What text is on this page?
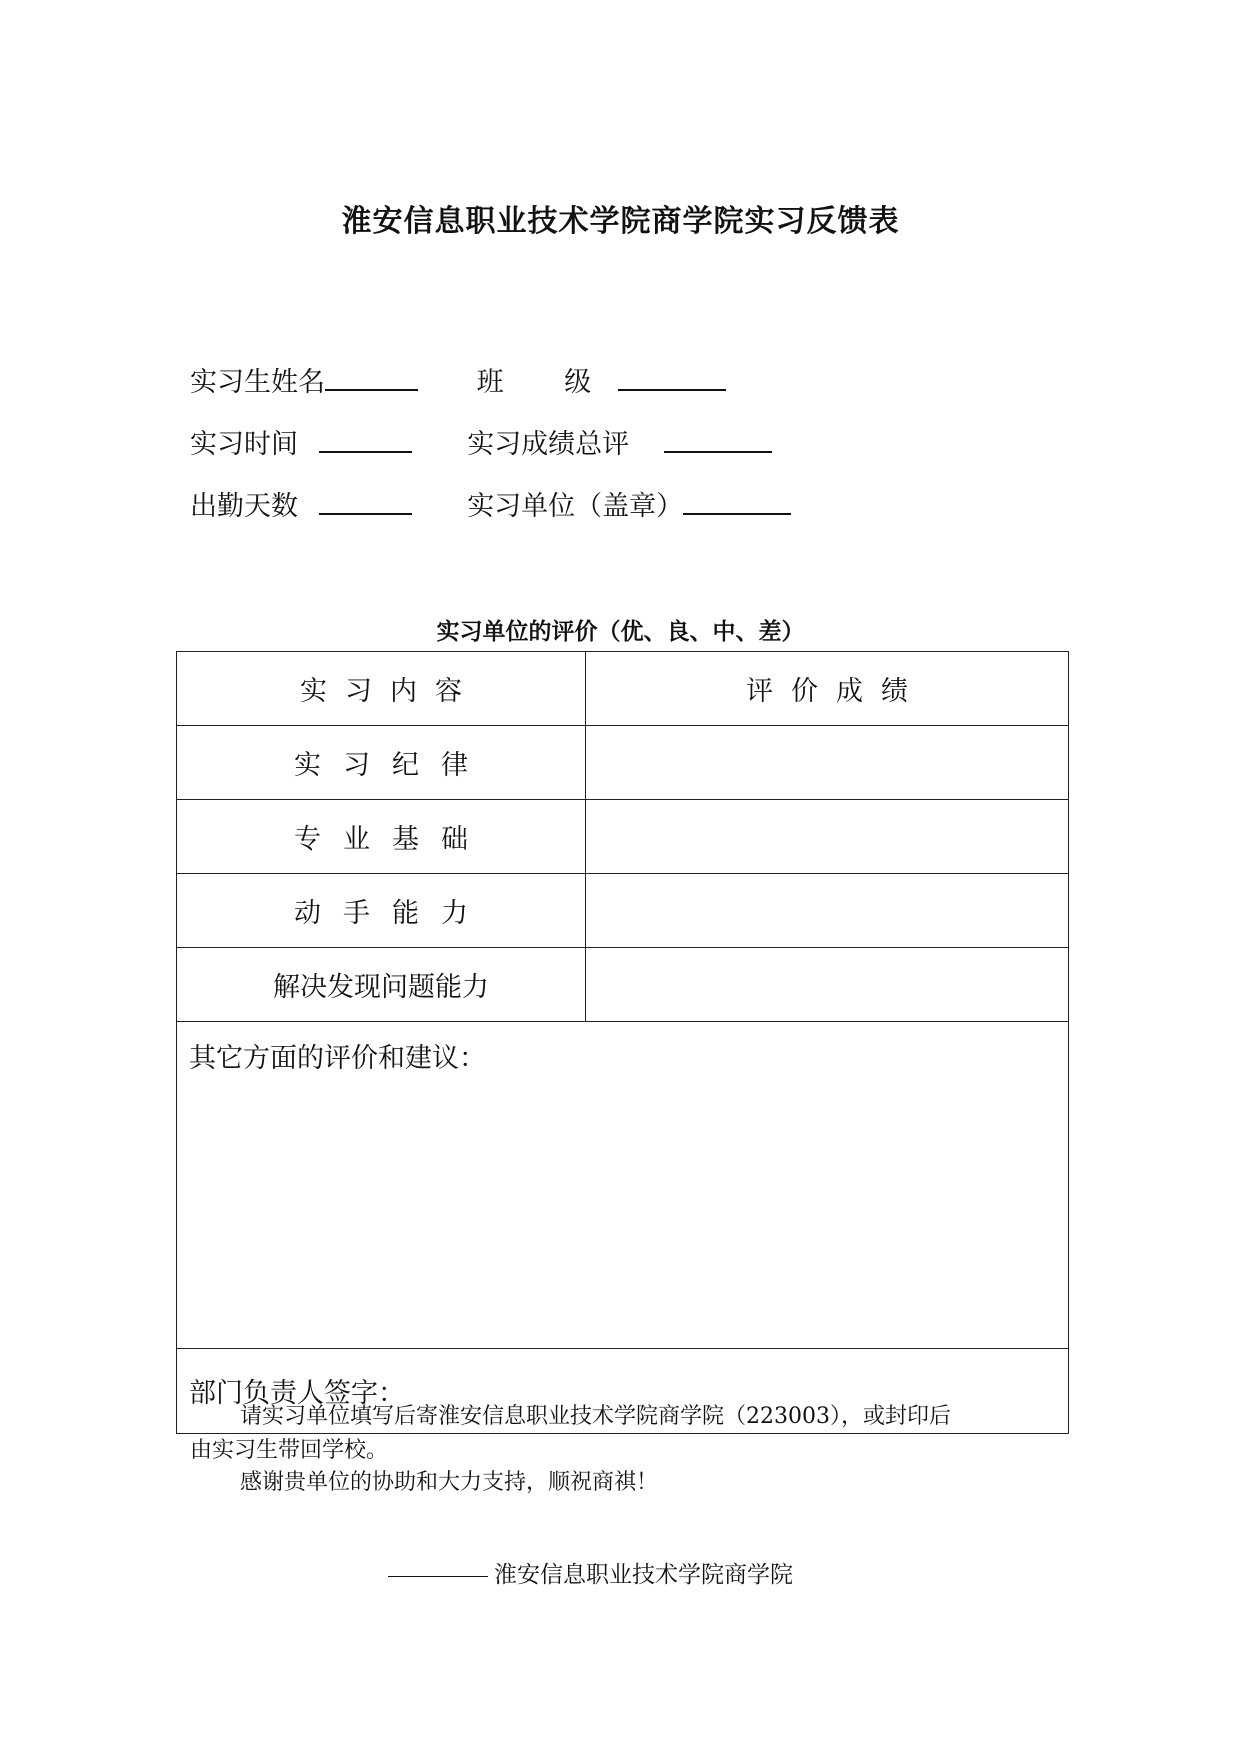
淮安信息职业技术学院商学院实习反馈表
实习生姓名	班 级
实习时间	实习成绩总评
出勤天数	实习单位（盖章）
实习单位的评价（优、良、中、差）
实习内容	评价成绩
实习纪律	
专业基础	
动手能力	
解决发现问题能力	
其它方面的评价和建议：	
部门负责人签字：	
请实习单位填写后寄淮安信息职业技术学院商学院（223003），或封印后
由实习生带回学校。
感谢贵单位的协助和大力支持，顺祝商祺！
淮安信息职业技术学院商学院
